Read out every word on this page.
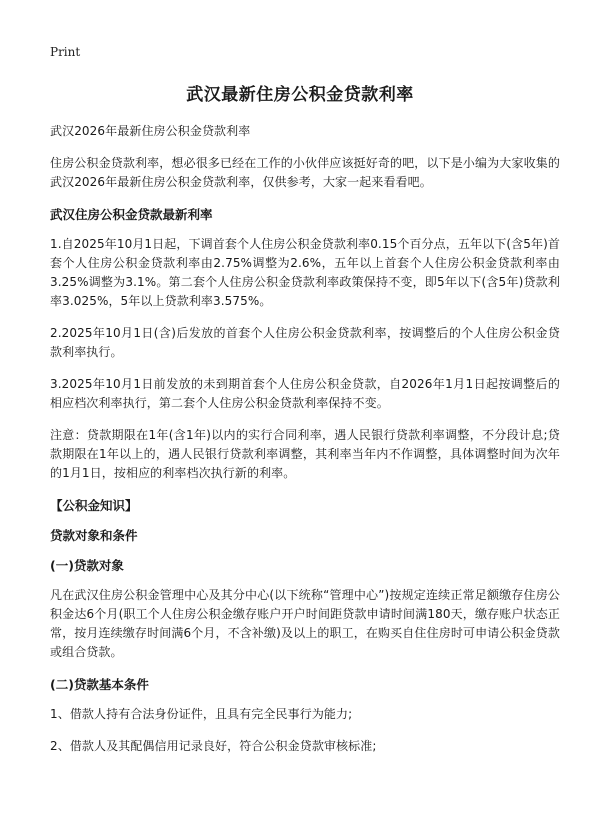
Print
武汉最新住房公积金贷款利率

武汉2026年最新住房公积金贷款利率

住房公积金贷款利率，想必很多已经在工作的小伙伴应该挺好奇的吧，以下是小编为大家收集的武汉2026年最新住房公积金贷款利率，仅供参考，大家一起来看看吧。

武汉住房公积金贷款最新利率

1.自2025年10月1日起，下调首套个人住房公积金贷款利率0.15个百分点，五年以下(含5年)首套个人住房公积金贷款利率由2.75%调整为2.6%，五年以上首套个人住房公积金贷款利率由3.25%调整为3.1%。第二套个人住房公积金贷款利率政策保持不变，即5年以下(含5年)贷款利率3.025%，5年以上贷款利率3.575%。

2.2025年10月1日(含)后发放的首套个人住房公积金贷款利率，按调整后的个人住房公积金贷款利率执行。

3.2025年10月1日前发放的未到期首套个人住房公积金贷款，自2026年1月1日起按调整后的相应档次利率执行，第二套个人住房公积金贷款利率保持不变。

注意：贷款期限在1年(含1年)以内的实行合同利率，遇人民银行贷款利率调整，不分段计息;贷款期限在1年以上的，遇人民银行贷款利率调整，其利率当年内不作调整，具体调整时间为次年的1月1日，按相应的利率档次执行新的利率。

【公积金知识】

贷款对象和条件

(一)贷款对象

凡在武汉住房公积金管理中心及其分中心(以下统称“管理中心”)按规定连续正常足额缴存住房公积金达6个月(职工个人住房公积金缴存账户开户时间距贷款申请时间满180天，缴存账户状态正常，按月连续缴存时间满6个月，不含补缴)及以上的职工，在购买自住住房时可申请公积金贷款或组合贷款。

(二)贷款基本条件

1、借款人持有合法身份证件，且具有完全民事行为能力;

2、借款人及其配偶信用记录良好，符合公积金贷款审核标准;
